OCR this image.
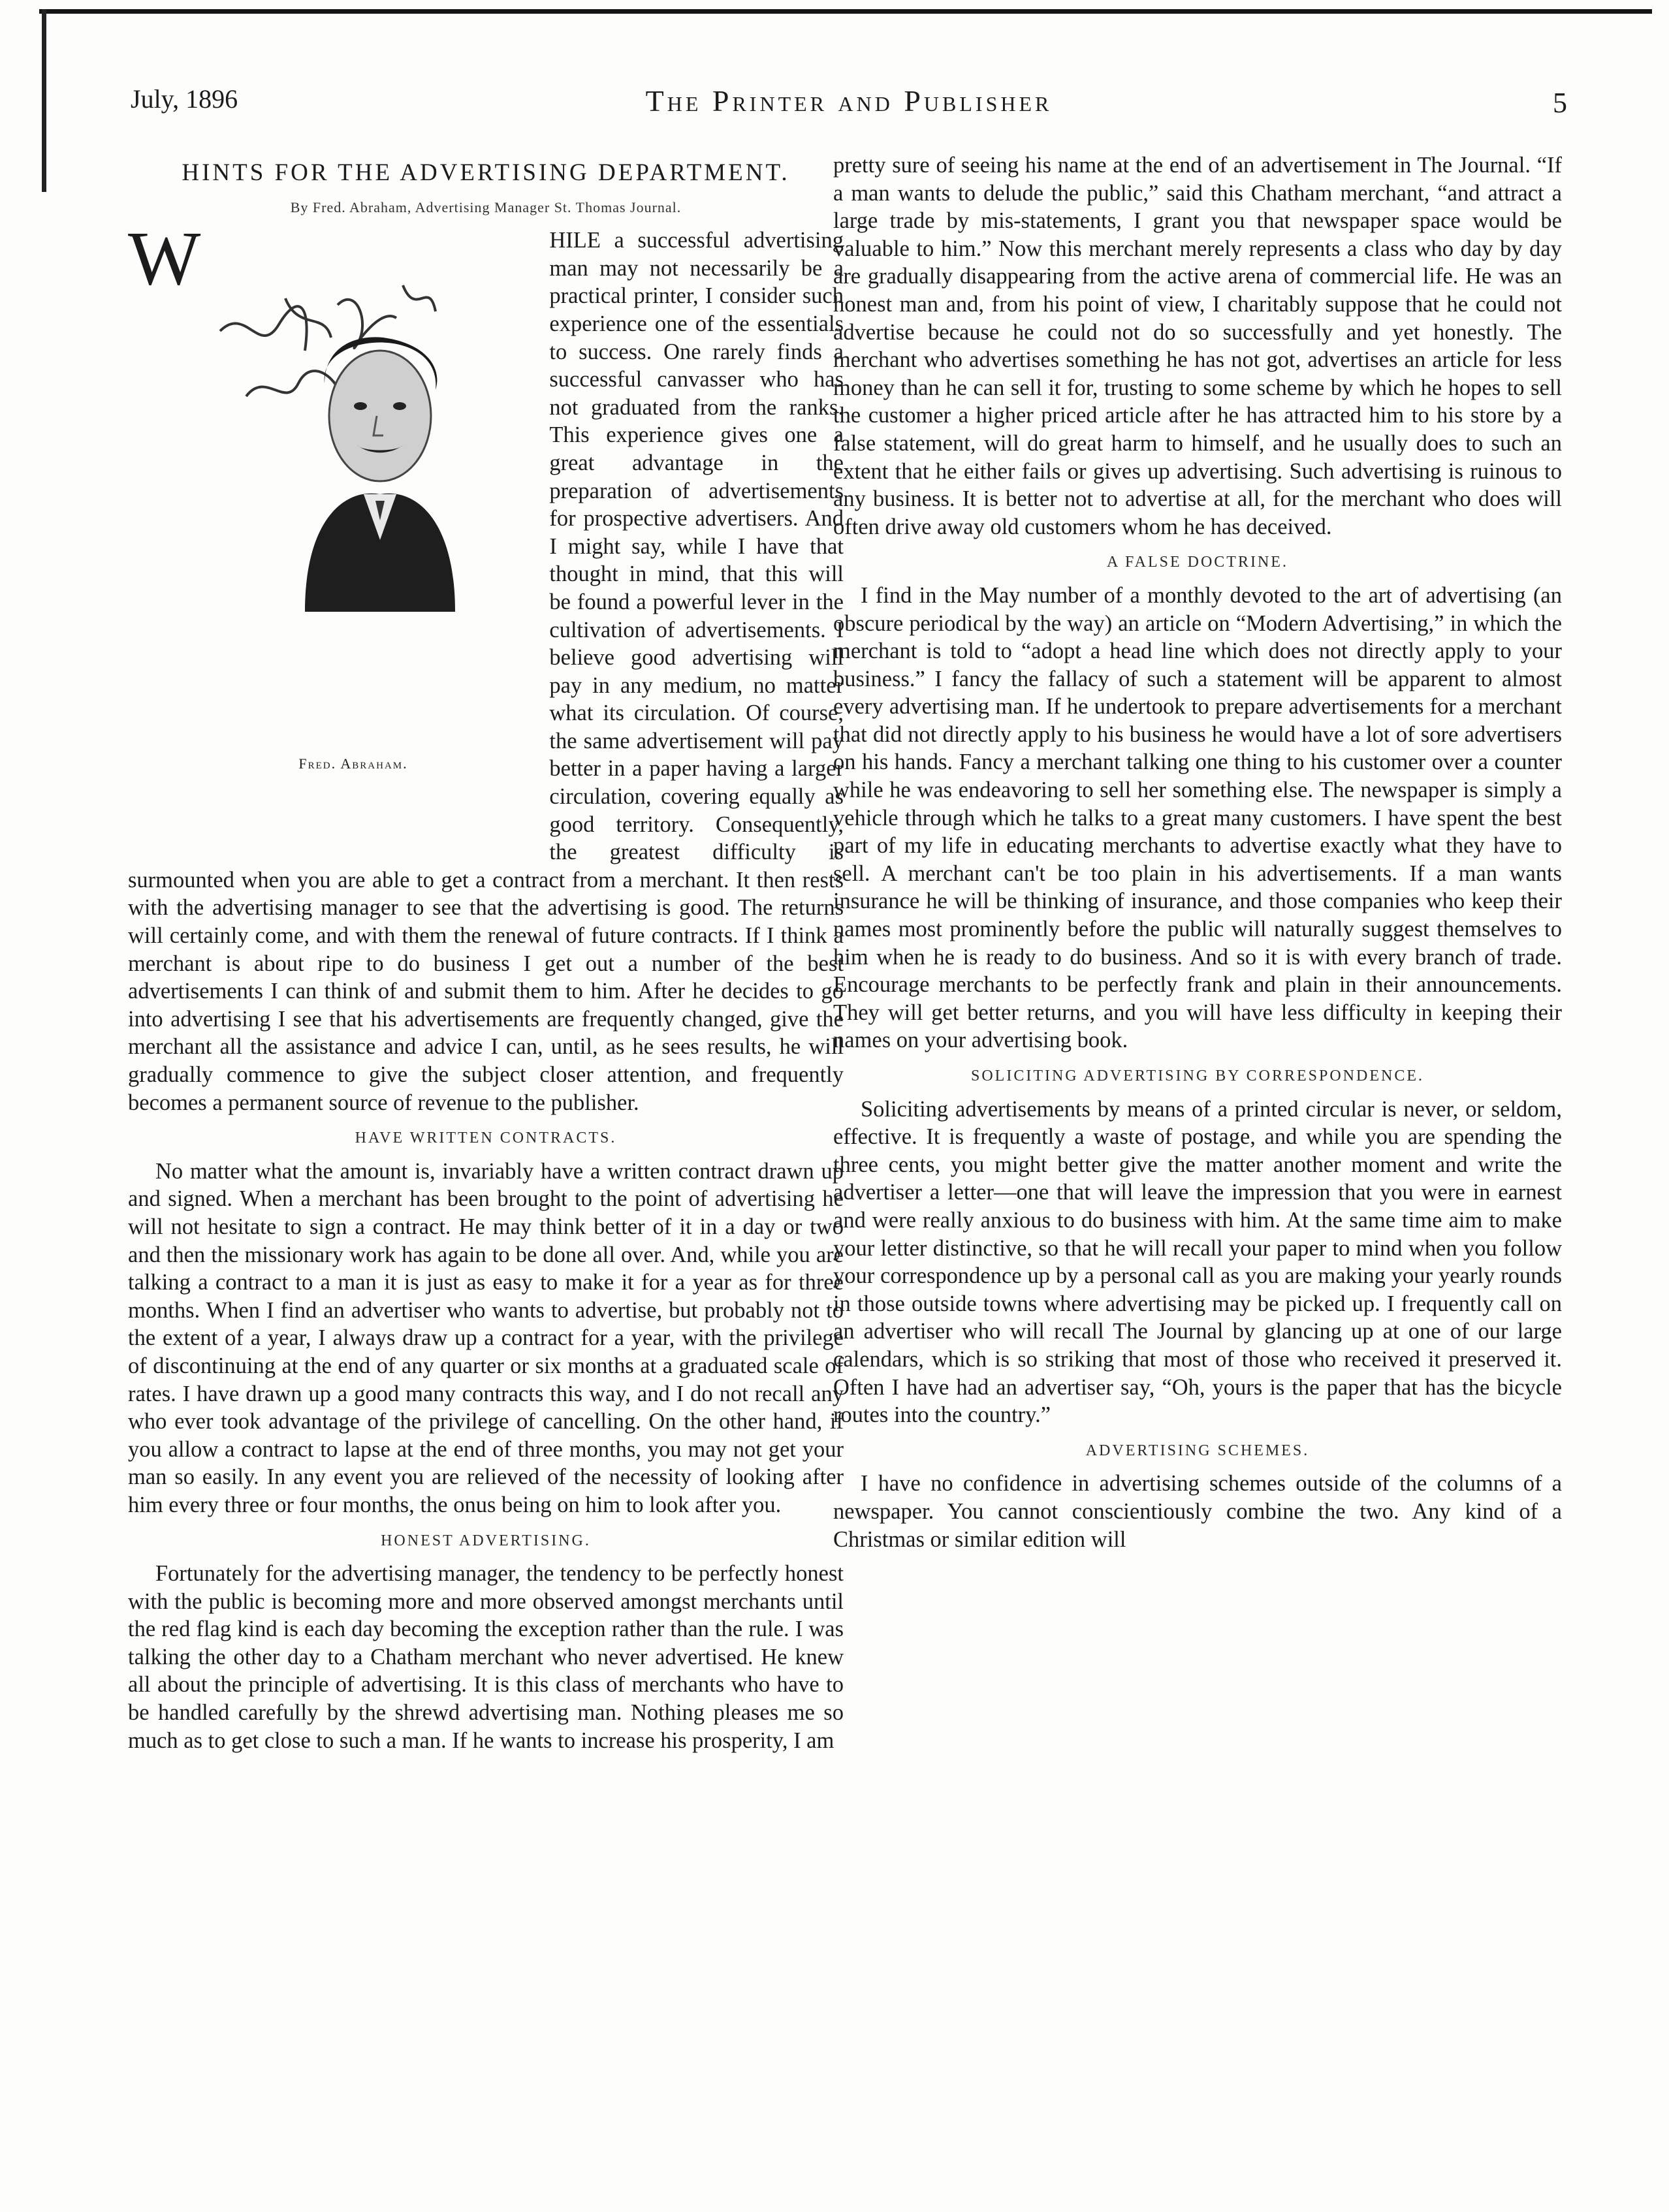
July, 1896	The Printer and Publisher	5
HINTS FOR THE ADVERTISING DEPARTMENT.
By Fred. Abraham, Advertising Manager St. Thomas Journal.
W
Fred. Abraham.

HILE a successful advertising man may not necessarily be a practical printer, I consider such experience one of the essentials to success. One rarely finds a successful canvasser who has not graduated from the ranks. This experience gives one a great advantage in the preparation of advertisements for prospective advertisers. And I might say, while I have that thought in mind, that this will be found a powerful lever in the cultivation of advertisements. I believe good advertising will pay in any medium, no matter what its circulation. Of course, the same advertisement will pay better in a paper having a larger circulation, covering equally as good territory. Consequently, the greatest difficulty is surmounted when you are able to get a contract from a merchant. It then rests with the advertising manager to see that the advertising is good. The returns will certainly come, and with them the renewal of future contracts. If I think a merchant is about ripe to do business I get out a number of the best advertisements I can think of and submit them to him. After he decides to go into advertising I see that his advertisements are frequently changed, give the merchant all the assistance and advice I can, until, as he sees results, he will gradually commence to give the subject closer attention, and frequently becomes a permanent source of revenue to the publisher.

HAVE WRITTEN CONTRACTS.

No matter what the amount is, invariably have a written contract drawn up and signed. When a merchant has been brought to the point of advertising he will not hesitate to sign a contract. He may think better of it in a day or two and then the missionary work has again to be done all over. And, while you are talking a contract to a man it is just as easy to make it for a year as for three months. When I find an advertiser who wants to advertise, but probably not to the extent of a year, I always draw up a contract for a year, with the privilege of discontinuing at the end of any quarter or six months at a graduated scale of rates. I have drawn up a good many contracts this way, and I do not recall any who ever took advantage of the privilege of cancelling. On the other hand, if you allow a contract to lapse at the end of three months, you may not get your man so easily. In any event you are relieved of the necessity of looking after him every three or four months, the onus being on him to look after you.

HONEST ADVERTISING.

Fortunately for the advertising manager, the tendency to be perfectly honest with the public is becoming more and more observed amongst merchants until the red flag kind is each day becoming the exception rather than the rule. I was talking the other day to a Chatham merchant who never advertised. He knew all about the principle of advertising. It is this class of merchants who have to be handled carefully by the shrewd advertising man. Nothing pleases me so much as to get close to such a man. If he wants to increase his prosperity, I am

pretty sure of seeing his name at the end of an advertisement in The Journal. “If a man wants to delude the public,” said this Chatham merchant, “and attract a large trade by mis-statements, I grant you that newspaper space would be valuable to him.” Now this merchant merely represents a class who day by day are gradually disappearing from the active arena of commercial life. He was an honest man and, from his point of view, I charitably suppose that he could not advertise because he could not do so successfully and yet honestly. The merchant who advertises something he has not got, advertises an article for less money than he can sell it for, trusting to some scheme by which he hopes to sell the customer a higher priced article after he has attracted him to his store by a false statement, will do great harm to himself, and he usually does to such an extent that he either fails or gives up advertising. Such advertising is ruinous to any business. It is better not to advertise at all, for the merchant who does will often drive away old customers whom he has deceived.

A FALSE DOCTRINE.

I find in the May number of a monthly devoted to the art of advertising (an obscure periodical by the way) an article on “Modern Advertising,” in which the merchant is told to “adopt a head line which does not directly apply to your business.” I fancy the fallacy of such a statement will be apparent to almost every advertising man. If he undertook to prepare advertisements for a merchant that did not directly apply to his business he would have a lot of sore advertisers on his hands. Fancy a merchant talking one thing to his customer over a counter while he was endeavoring to sell her something else. The newspaper is simply a vehicle through which he talks to a great many customers. I have spent the best part of my life in educating merchants to advertise exactly what they have to sell. A merchant can't be too plain in his advertisements. If a man wants insurance he will be thinking of insurance, and those companies who keep their names most prominently before the public will naturally suggest themselves to him when he is ready to do business. And so it is with every branch of trade. Encourage merchants to be perfectly frank and plain in their announcements. They will get better returns, and you will have less difficulty in keeping their names on your advertising book.

SOLICITING ADVERTISING BY CORRESPONDENCE.

Soliciting advertisements by means of a printed circular is never, or seldom, effective. It is frequently a waste of postage, and while you are spending the three cents, you might better give the matter another moment and write the advertiser a letter—one that will leave the impression that you were in earnest and were really anxious to do business with him. At the same time aim to make your letter distinctive, so that he will recall your paper to mind when you follow your correspondence up by a personal call as you are making your yearly rounds in those outside towns where advertising may be picked up. I frequently call on an advertiser who will recall The Journal by glancing up at one of our large calendars, which is so striking that most of those who received it preserved it. Often I have had an advertiser say, “Oh, yours is the paper that has the bicycle routes into the country.”

ADVERTISING SCHEMES.

I have no confidence in advertising schemes outside of the columns of a newspaper. You cannot conscientiously combine the two. Any kind of a Christmas or similar edition will
